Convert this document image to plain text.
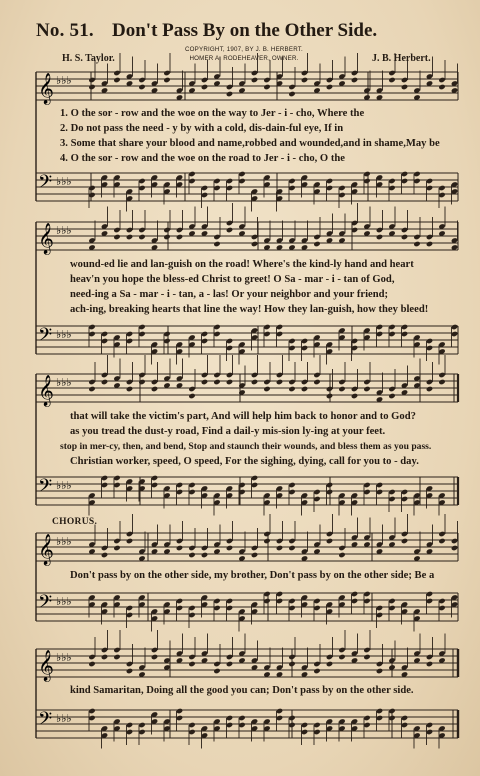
No. 51. Don't Pass By on the Other Side.
H. S. Taylor.
COPYRIGHT, 1907, BY J. B. HERBERT.
HOMER A. RODEHEAVER, OWNER.	J. B. Herbert.
𝄞
𝄢
♭♭♭
♭♭♭
𝄞
𝄢
♭♭♭
♭♭♭
𝄞
𝄢
♭♭♭
♭♭♭
𝄞
𝄢
♭♭♭
♭♭♭
𝄞
𝄢
♭♭♭
♭♭♭
1. O the sor - row and the woe on the way to Jer - i - cho, Where the
2. Do not pass the need - y by with a cold, dis-dain-ful eye, If in
3. Some that share your blood and name,robbed and wounded,and in shame,May be
4. O the sor - row and the woe on the road to Jer - i - cho, O the
wound-ed lie and lan-guish on the road! Where's the kind-ly hand and heart
heav'n you hope the bless-ed Christ to greet! O Sa - mar - i - tan of God,
need-ing a Sa - mar - i - tan, a - las! Or your neighbor and your friend;
ach-ing, breaking hearts that line the way! How they lan-guish, how they bleed!
that will take the victim's part, And will help him back to honor and to God?
as you tread the dust-y road, Find a dail-y mis-sion ly-ing at your feet.
stop in mer-cy, then, and bend, Stop and staunch their wounds, and bless them as you pass.
Christian worker, speed, O speed, For the sighing, dying, call for you to - day.
CHORUS.
Don't pass by on the other side, my brother, Don't pass by on the other side; Be a
kind Samaritan, Doing all the good you can; Don't pass by on the other side.
